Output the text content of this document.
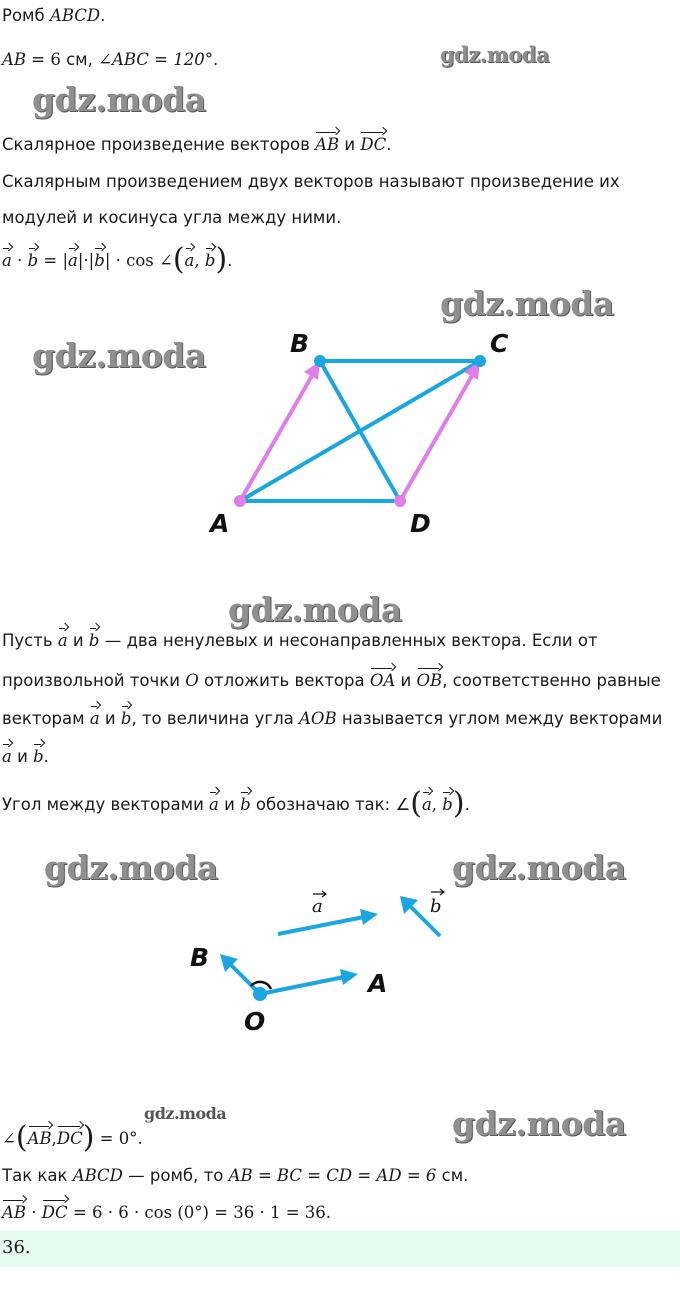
gdz.moda
gdz.moda
gdz.moda
gdz.moda
gdz.moda
gdz.moda	gdz.moda
gdz.moda	gdz.moda
Ромб ABCD.
AB = 6 см, ∠ABC = 120°.
Скалярное произведение векторов AB и DC.
Скалярным произведением двух векторов называют произведение их
модулей и косинуса угла между ними.
a · b = |a|·|b| · cos ∠(a, b).
A
B	C
D
Пусть a и b — два ненулевых и несонаправленных вектора. Если от
произвольной точки O отложить вектора OA и OB, соответственно равные
векторам a и b, то величина угла AOB называется углом между векторами
a и b.
Угол между векторами a и b обозначаю так: ∠(a, b).
B
O
A
a	b
∠(AB,DC) = 0°.
Так как ABCD — ромб, то AB = BC = CD = AD = 6 см.
AB · DC = 6 · 6 · cos (0°) = 36 · 1 = 36.
36.
